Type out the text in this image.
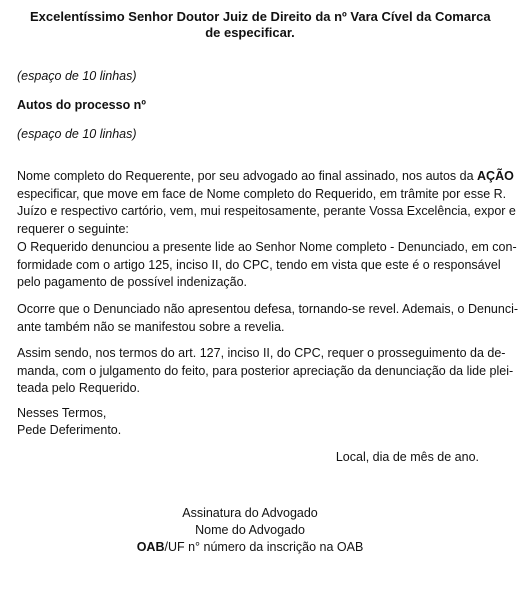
Excelentíssimo Senhor Doutor Juiz de Direito da nº Vara Cível da Comarca
de especificar.
(espaço de 10 linhas)
Autos do processo nº
(espaço de 10 linhas)
Nome completo do Requerente, por seu advogado ao final assinado, nos autos da AÇÃO
especificar, que move em face de Nome completo do Requerido, em trâmite por esse R.
Juízo e respectivo cartório, vem, mui respeitosamente, perante Vossa Excelência, expor e
requerer o seguinte:
O Requerido denunciou a presente lide ao Senhor Nome completo - Denunciado, em con-
formidade com o artigo 125, inciso II, do CPC, tendo em vista que este é o responsável
pelo pagamento de possível indenização.
Ocorre que o Denunciado não apresentou defesa, tornando-se revel. Ademais, o Denunci-
ante também não se manifestou sobre a revelia.
Assim sendo, nos termos do art. 127, inciso II, do CPC, requer o prosseguimento da de-
manda, com o julgamento do feito, para posterior apreciação da denunciação da lide plei-
teada pelo Requerido.
Nesses Termos,
Pede Deferimento.
Local, dia de mês de ano.
Assinatura do Advogado
Nome do Advogado
OAB/UF n° número da inscrição na OAB
